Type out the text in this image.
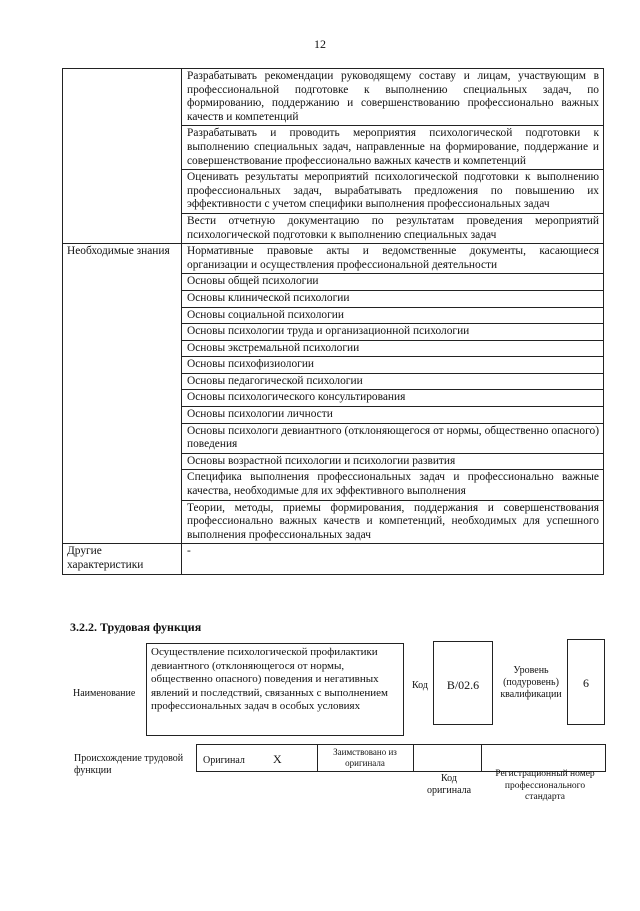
12
	Разрабатывать рекомендации руководящему составу и лицам, участвующим в профессиональной подготовке к выполнению специальных задач, по формированию, поддержанию и совершенствованию профессионально важных качеств и компетенций
	Разрабатывать и проводить мероприятия психологической подготовки к выполнению специальных задач, направленные на формирование, поддержание и совершенствование профессионально важных качеств и компетенций
	Оценивать результаты мероприятий психологической подготовки к выполнению профессиональных задач, вырабатывать предложения по повышению их эффективности с учетом специфики выполнения профессиональных задач
	Вести отчетную документацию по результатам проведения мероприятий психологической подготовки к выполнению специальных задач
Необходимые знания	Нормативные правовые акты и ведомственные документы, касающиеся организации и осуществления профессиональной деятельности
	Основы общей психологии
	Основы клинической психологии
	Основы социальной психологии
	Основы психологии труда и организационной психологии
	Основы экстремальной психологии
	Основы психофизиологии
	Основы педагогической психологии
	Основы психологического консультирования
	Основы психологии личности
	Основы психологи девиантного (отклоняющегося от нормы, общественно опасного) поведения
	Основы возрастной психологии и психологии развития
	Специфика выполнения профессиональных задач и профессионально важные качества, необходимые для их эффективного выполнения
	Теории, методы, приемы формирования, поддержания и совершенствования профессионально важных качеств и компетенций, необходимых для успешного выполнения профессиональных задач
Другие характеристики	-
3.2.2. Трудовая функция
Наименование
Осуществление психологической профилактики девиантного (отклоняющегося от нормы, общественно опасного) поведения и негативных явлений и последствий, связанных с выполнением профессиональных задач в особых условиях
Код	B/02.6
Уровень (подуровень) квалификации
6
Происхождение трудовой функции
Оригинал X	Заимствовано из оригинала
Код оригинала
Регистрационный номер профессионального стандарта
